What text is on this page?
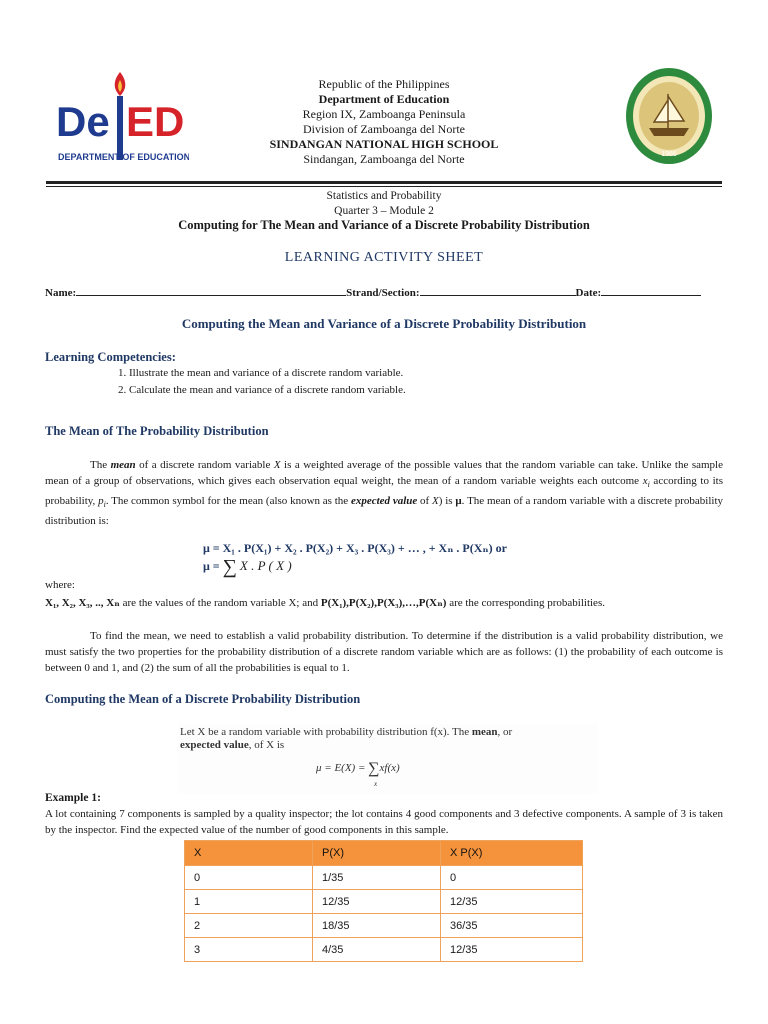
De ED
DEPARTMENT OF EDUCATION	1966
Republic of the Philippines
Department of Education
Region IX, Zamboanga Peninsula
Division of Zamboanga del Norte
SINDANGAN NATIONAL HIGH SCHOOL
Sindangan, Zamboanga del Norte
Statistics and Probability
Quarter 3 – Module 2
Computing for The Mean and Variance of a Discrete Probability Distribution
LEARNING ACTIVITY SHEET
Name:	Strand/Section:	Date:
Computing the Mean and Variance of a Discrete Probability Distribution
Learning Competencies:
1. Illustrate the mean and variance of a discrete random variable.
2. Calculate the mean and variance of a discrete random variable.
The Mean of The Probability Distribution
The mean of a discrete random variable X is a weighted average of the possible values that the random variable can take. Unlike the sample mean of a group of observations, which gives each observation equal weight, the mean of a random variable weights each outcome $x_i$ according to its probability, $p_i$. The common symbol for the mean (also known as the expected value of X) is μ. The mean of a random variable with a discrete probability distribution is:
μ = X₁ . P(X₁) + X₂ . P(X₂) + X₃ . P(X₃) + … , + Xₙ . P(Xₙ) or
μ = ∑ X . P ( X )
where:
X₁, X₂, X₃, .., Xₙ are the values of the random variable X; and P(X₁),P(X₂),P(X₃),…,P(Xₙ) are the corresponding probabilities.
To find the mean, we need to establish a valid probability distribution. To determine if the distribution is a valid probability distribution, we must satisfy the two properties for the probability distribution of a discrete random variable which are as follows: (1) the probability of each outcome is between 0 and 1, and (2) the sum of all the probabilities is equal to 1.
Computing the Mean of a Discrete Probability Distribution
Let X be a random variable with probability distribution f(x). The mean, or
expected value, of X is
μ = E(X) = ∑xf(x)
x
Example 1:
A lot containing 7 components is sampled by a quality inspector; the lot contains 4 good components and 3 defective components. A sample of 3 is taken by the inspector. Find the expected value of the number of good components in this sample.
X	P(X)	X P(X)
0	1/35	0
1	12/35	12/35
2	18/35	36/35
3	4/35	12/35
